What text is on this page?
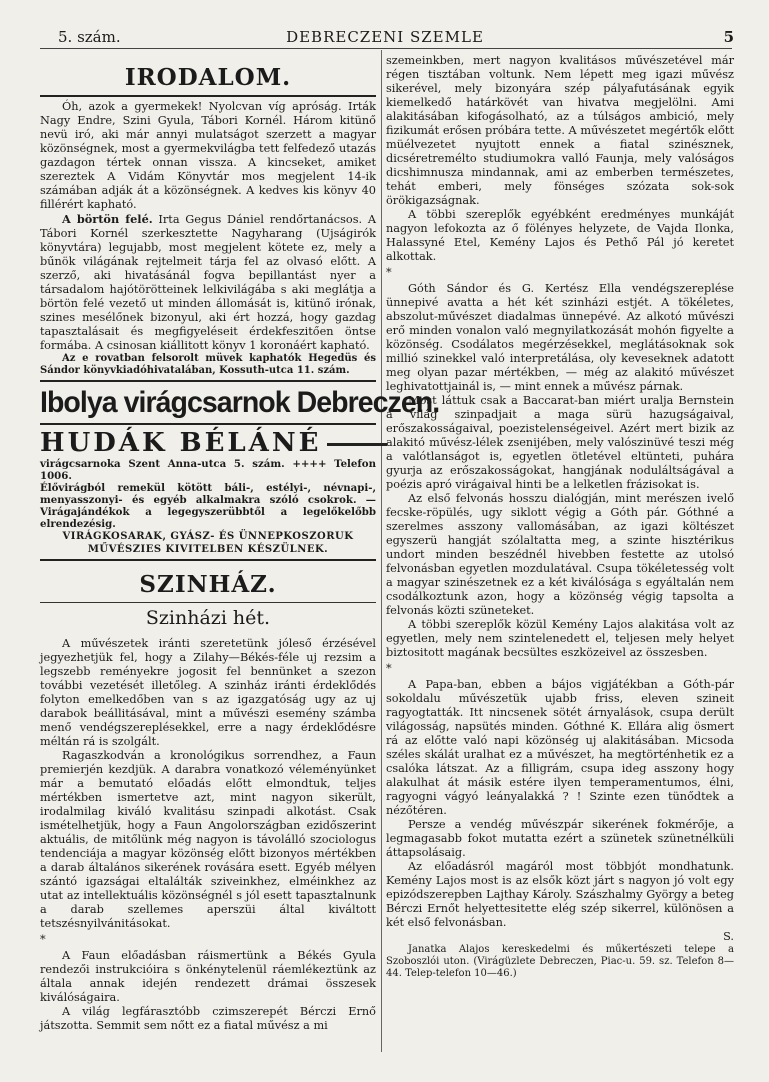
5. szám.	DEBRECZENI SZEMLE	5
IRODALOM.

Óh, azok a gyermekek! Nyolcvan víg apróság. Irták Nagy Endre, Szini Gyula, Tábori Kornél. Három kitünő nevü iró, aki már annyi mulatságot szerzett a magyar közönségnek, most a gyermekvilágba tett felfedező utazás gazdagon tértek onnan vissza. A kincseket, amiket szereztek A Vidám Könyvtár mos megjelent 14-ik számában adják át a közönségnek. A kedves kis könyv 40 fillérért kapható.

A börtön felé. Irta Gegus Dániel rendőrtanácsos. A Tábori Kornél szerkesztette Nagyharang (Ujságirók könyvtára) legujabb, most megjelent kötete ez, mely a bűnök világának rejtelmeit tárja fel az olvasó előtt. A szerző, aki hivatásánál fogva bepillantást nyer a társadalom hajótörötteinek lelkivilágába s aki meglátja a börtön felé vezető ut minden állomását is, kitünő irónak, szines mesélőnek bizonyul, aki ért hozzá, hogy gazdag tapasztalásait és megfigyeléseit érdekfeszitően öntse formába. A csinosan kiállitott könyv 1 koronáért kapható.

Az e rovatban felsorolt müvek kaphatók Hegedüs és Sándor könyvkiadóhivatalában, Kossuth-utca 11. szám.

Ibolya virágcsarnok Debreczen.
HUDÁK BÉLÁNÉ

virágcsarnoka Szent Anna-utca 5. szám. ++++ Telefon 1006.

Élővirágból remekül kötött báli-, estélyi-, névnapi-, menyasszonyi- és egyéb alkalmakra szóló csokrok. — Virágajándékok a legegyszerübbtől a legelőkelőbb elrendezésig.

VIRÁGKOSARAK, GYÁSZ- ÉS ÜNNEPKOSZORUK MŰVÉSZIES KIVITELBEN KÉSZÜLNEK.

SZINHÁZ.
Szinházi hét.

A művészetek iránti szeretetünk jóleső érzésével jegyezhetjük fel, hogy a Zilahy—Békés-féle uj rezsim a legszebb reményekre jogosit fel bennünket a szezon további vezetését illetőleg. A szinház iránti érdeklődés folyton emelkedőben van s az igazgatóság ugy az uj darabok beállitásával, mint a művészi esemény számba menő vendégszereplésekkel, erre a nagy érdeklődésre méltán rá is szolgált.

Ragaszkodván a kronológikus sorrendhez, a Faun premierjén kezdjük. A darabra vonatkozó véleményünket már a bemutató előadás előtt elmondtuk, teljes mértékben ismertetve azt, mint nagyon sikerült, irodalmilag kiváló kvalitásu szinpadi alkotást. Csak ismételhetjük, hogy a Faun Angolországban ezidőszerint aktuális, de mitőlünk még nagyon is távolálló szociologus tendenciája a magyar közönség előtt bizonyos mértékben a darab általános sikerének rovására esett. Egyéb mélyen szántó igazságai eltalálták sziveinkhez, elméinkhez az utat az intellektuális közönségnél s jól esett tapasztalnunk a darab szellemes aperszüi által kiváltott tetszésnyilvánitásokat.

*

A Faun előadásban ráismertünk a Békés Gyula rendezői instrukcióira s önkénytelenül ráemlékeztünk az általa annak idején rendezett drámai összesek kiválóságaira.

A világ legfárasztóbb czimszerepét Bérczi Ernő játszotta. Semmit sem nőtt ez a fiatal művész a mi

szemeinkben, mert nagyon kvalitásos művészetével már régen tisztában voltunk. Nem lépett meg igazi művész sikerével, mely bizonyára szép pályafutásának egyik kiemelkedő határkövét van hivatva megjelölni. Ami alakitásában kifogásolható, az a túlságos ambició, mely fizikumát erősen próbára tette. A művészetet megértők előtt müélvezetet nyujtott ennek a fiatal szinésznek, dicséretremélto studiumokra valló Faunja, mely valóságos dicshimnusza mindannak, ami az emberben természetes, tehát emberi, mely fönséges szózata sok-sok örökigazságnak.

A többi szereplők egyébként eredményes munkáját nagyon lefokozta az ő fölényes helyzete, de Vajda Ilonka, Halassyné Etel, Kemény Lajos és Pethő Pál jó keretet alkottak.

*

Góth Sándor és G. Kertész Ella vendégszereplése ünnepivé avatta a hét két szinházi estjét. A tökéletes, abszolut-művészet diadalmas ünnepévé. Az alkotó művészi erő minden vonalon való megnyilatkozását mohón figyelte a közönség. Csodálatos megérzésekkel, meglátásoknak sok millió szinekkel való interpretálása, oly keveseknek adatott meg olyan pazar mértékben, — még az alakitó művészet leghivatottjainál is, — mint ennek a művész párnak.

Most láttuk csak a Baccarat-ban miért uralja Bernstein a világ szinpadjait a maga sürü hazugságaival, erőszakosságaival, poezistelenségeivel. Azért mert bizik az alakitó művész-lélek zsenijében, mely valószinüvé teszi még a valótlanságot is, egyetlen ötletével eltünteti, puhára gyurja az erőszakosságokat, hangjának noduláltságával a poézis apró virágaival hinti be a lelketlen frázisokat is.

Az első felvonás hosszu dialógján, mint merészen ivelő fecske-röpülés, ugy siklott végig a Góth pár. Góthné a szerelmes asszony vallomásában, az igazi költészet egyszerü hangját szólaltatta meg, a szinte hisztérikus undort minden beszédnél hivebben festette az utolsó felvonásban egyetlen mozdulatával. Csupa tökéletesség volt a magyar szinészetnek ez a két kiválósága s egyáltalán nem csodálkoztunk azon, hogy a közönség végig tapsolta a felvonás közti szüneteket.

A többi szereplők közül Kemény Lajos alakitása volt az egyetlen, mely nem szintelenedett el, teljesen mely helyet biztositott magának becsültes eszközeivel az összesben.

*

A Papa-ban, ebben a bájos vigjátékban a Góth-pár sokoldalu művészetük ujabb friss, eleven szineit ragyogtatták. Itt nincsenek sötét árnyalások, csupa derült világosság, napsütés minden. Góthné K. Ellára alig ösmert rá az előtte való napi közönség uj alakitásában. Micsoda széles skálát uralhat ez a művészet, ha megtörténhetik ez a csalóka látszat. Az a filligrám, csupa ideg asszony hogy alakulhat át másik estére ilyen temperamentumos, élni, ragyogni vágyó leányalakká ? ! Szinte ezen tünődtek a nézőtéren.

Persze a vendég művészpár sikerének fokmérője, a legmagasabb fokot mutatta ezért a szünetek szünetnélküli áttapsolásaig.

Az előadásról magáról most többjót mondhatunk. Kemény Lajos most is az elsők közt járt s nagyon jó volt egy epizódszerepben Lajthay Károly. Szászhalmy György a beteg Bérczi Ernőt helyettesitette elég szép sikerrel, különösen a két első felvonásban.

S.

Janatka Alajos kereskedelmi és műkertészeti telepe a Szoboszlói uton. (Virágüzlete Debreczen, Piac-u. 59. sz. Telefon 8—44. Telep-telefon 10—46.)
